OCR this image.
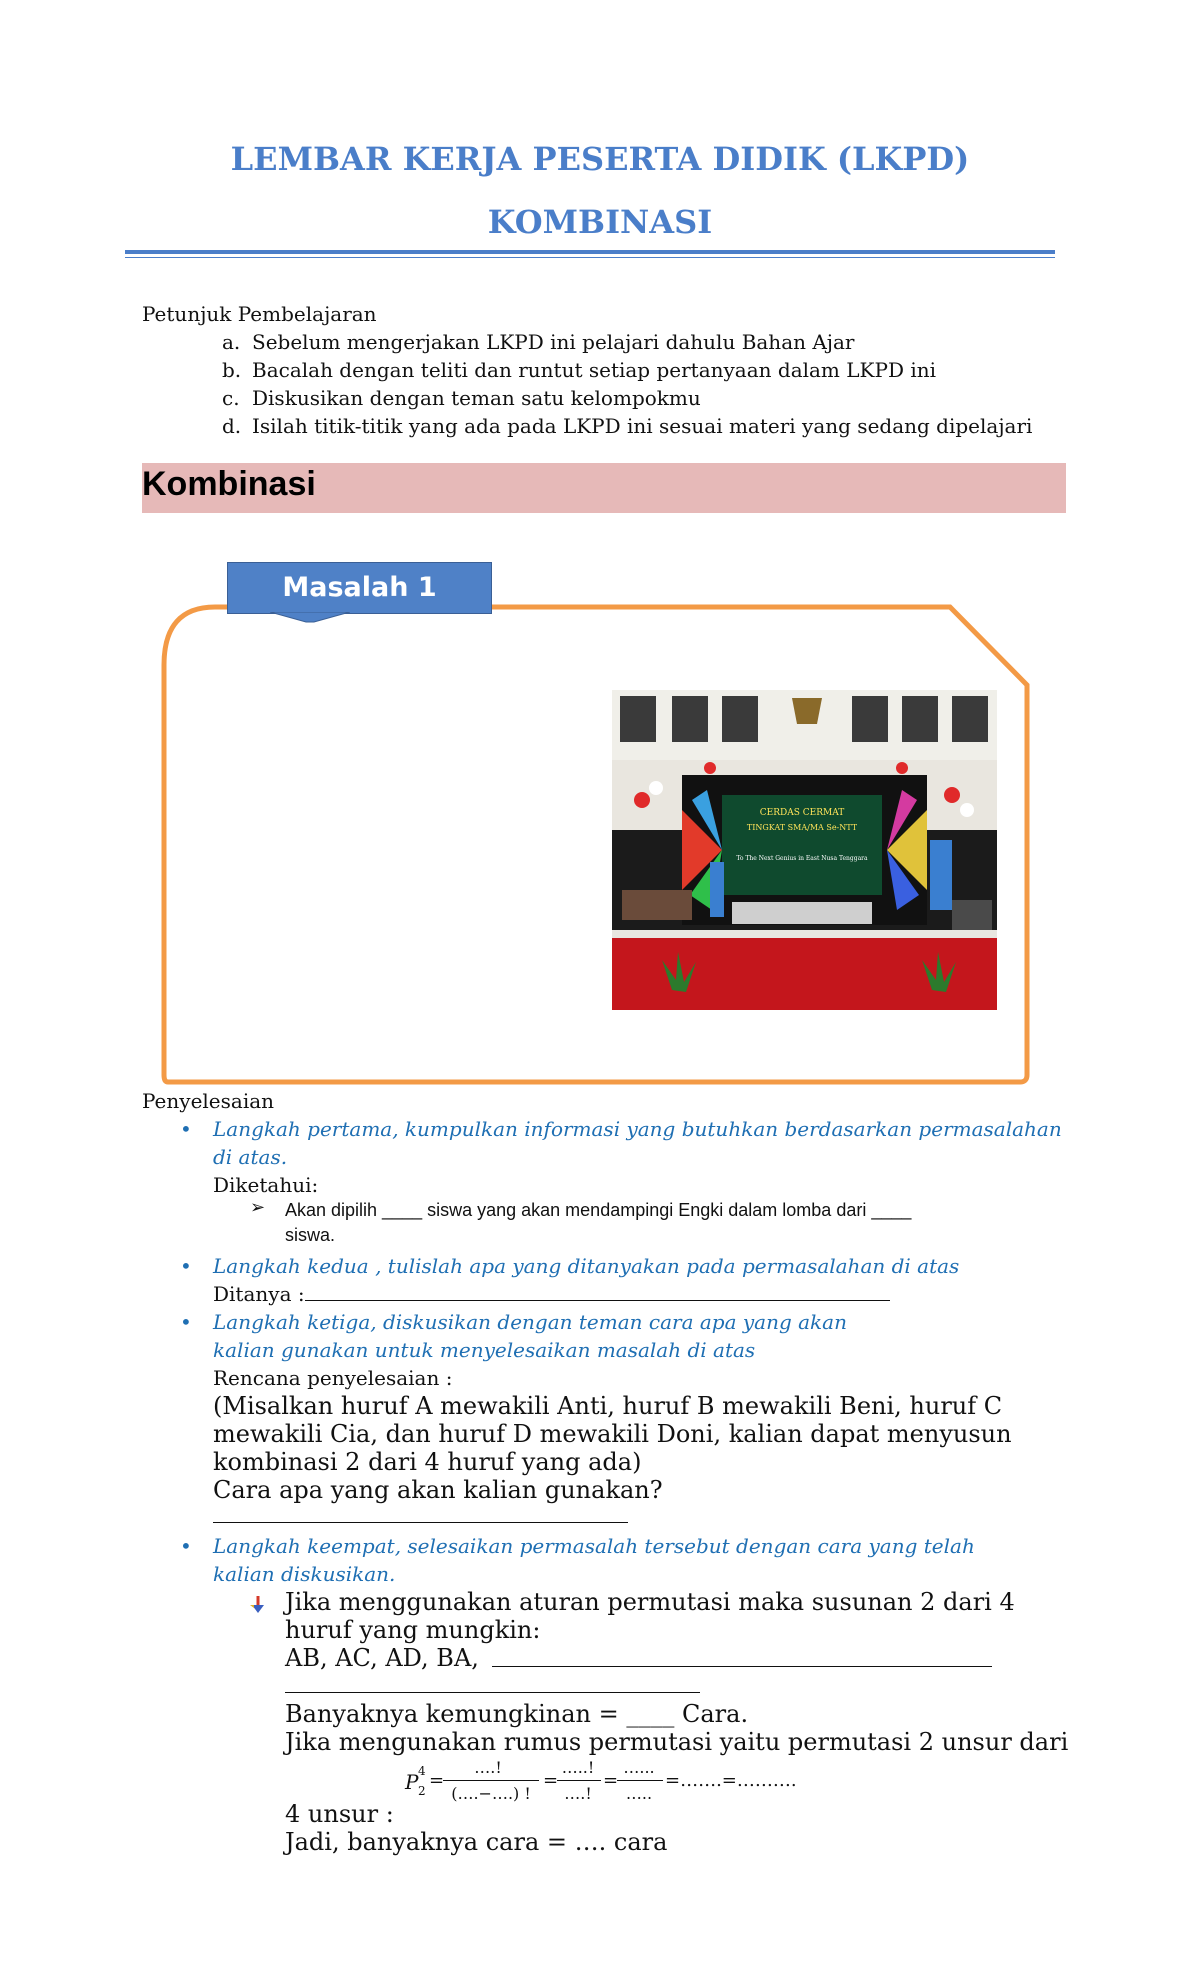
LEMBAR KERJA PESERTA DIDIK (LKPD)
KOMBINASI
Petunjuk Pembelajaran
a. Sebelum mengerjakan LKPD ini pelajari dahulu Bahan Ajar
b. Bacalah dengan teliti dan runtut setiap pertanyaan dalam LKPD ini
c. Diskusikan dengan teman satu kelompokmu
d. Isilah titik-titik yang ada pada LKPD ini sesuai materi yang sedang dipelajari
Kombinasi
Masalah 1
CERDAS CERMAT
TINGKAT SMA/MA Se-NTT
To The Next Genius in East Nusa Tenggara
Penyelesaian
• Langkah pertama, kumpulkan informasi yang butuhkan berdasarkan permasalahan
di atas.
Diketahui:
➢ Akan dipilih ____ siswa yang akan mendampingi Engki dalam lomba dari ____
siswa.
• Langkah kedua , tulislah apa yang ditanyakan pada permasalahan di atas
Ditanya :
• Langkah ketiga, diskusikan dengan teman cara apa yang akan
kalian gunakan untuk menyelesaikan masalah di atas
Rencana penyelesaian :
(Misalkan huruf A mewakili Anti, huruf B mewakili Beni, huruf C
mewakili Cia, dan huruf D mewakili Doni, kalian dapat menyusun
kombinasi 2 dari 4 huruf yang ada)
Cara apa yang akan kalian gunakan?
• Langkah keempat, selesaikan permasalah tersebut dengan cara yang telah
kalian diskusikan.
Jika menggunakan aturan permutasi maka susunan 2 dari 4
huruf yang mungkin:
AB, AC, AD, BA,
Banyaknya kemungkinan = ____ Cara.
Jika mengunakan rumus permutasi yaitu permutasi 2 unsur dari
P 4
2 =
….!
(….−….) !
=
…..!
….!
=
…...
…..
=…….=……….
4 unsur :
Jadi, banyaknya cara = …. cara
